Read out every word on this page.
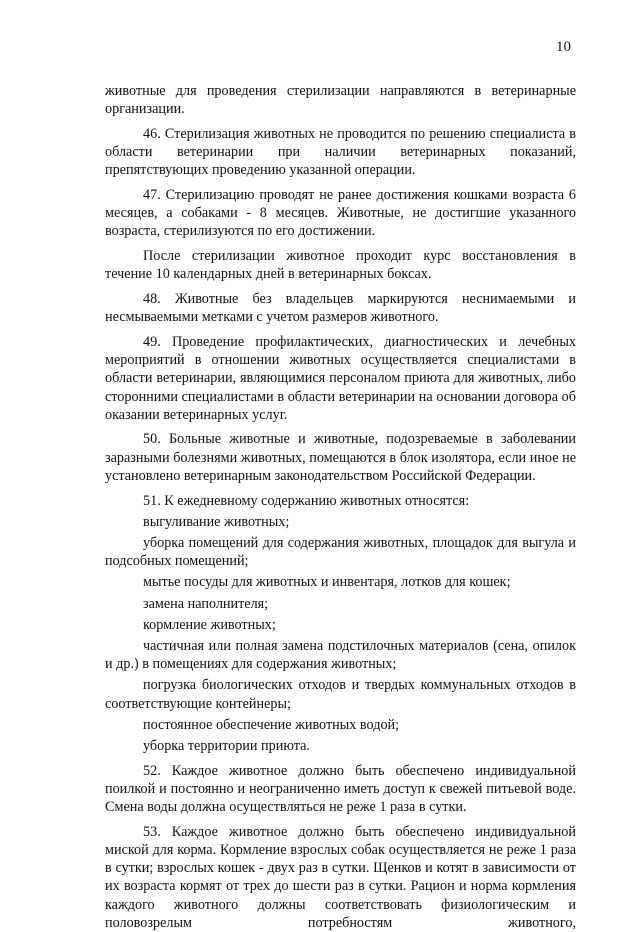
10

животные для проведения стерилизации направляются в ветеринарные организации.

46. Стерилизация животных не проводится по решению специалиста в области ветеринарии при наличии ветеринарных показаний, препятствующих проведению указанной операции.

47. Стерилизацию проводят не ранее достижения кошками возраста 6 месяцев, а собаками - 8 месяцев. Животные, не достигшие указанного возраста, стерилизуются по его достижении.

После стерилизации животное проходит курс восстановления в течение 10 календарных дней в ветеринарных боксах.

48. Животные без владельцев маркируются неснимаемыми и несмываемыми метками с учетом размеров животного.

49. Проведение профилактических, диагностических и лечебных мероприятий в отношении животных осуществляется специалистами в области ветеринарии, являющимися персоналом приюта для животных, либо сторонними специалистами в области ветеринарии на основании договора об оказании ветеринарных услуг.

50. Больные животные и животные, подозреваемые в заболевании заразными болезнями животных, помещаются в блок изолятора, если иное не установлено ветеринарным законодательством Российской Федерации.

51. К ежедневному содержанию животных относятся:

выгуливание животных;

уборка помещений для содержания животных, площадок для выгула и подсобных помещений;

мытье посуды для животных и инвентаря, лотков для кошек;

замена наполнителя;

кормление животных;

частичная или полная замена подстилочных материалов (сена, опилок и др.) в помещениях для содержания животных;

погрузка биологических отходов и твердых коммунальных отходов в соответствующие контейнеры;

постоянное обеспечение животных водой;

уборка территории приюта.

52. Каждое животное должно быть обеспечено индивидуальной поилкой и постоянно и неограниченно иметь доступ к свежей питьевой воде. Смена воды должна осуществляться не реже 1 раза в сутки.

53. Каждое животное должно быть обеспечено индивидуальной миской для корма. Кормление взрослых собак осуществляется не реже 1 раза в сутки; взрослых кошек - двух раз в сутки. Щенков и котят в зависимости от их возраста кормят от трех до шести раз в сутки. Рацион и норма кормления каждого животного должны соответствовать физиологическим и половозрелым потребностям животного,
